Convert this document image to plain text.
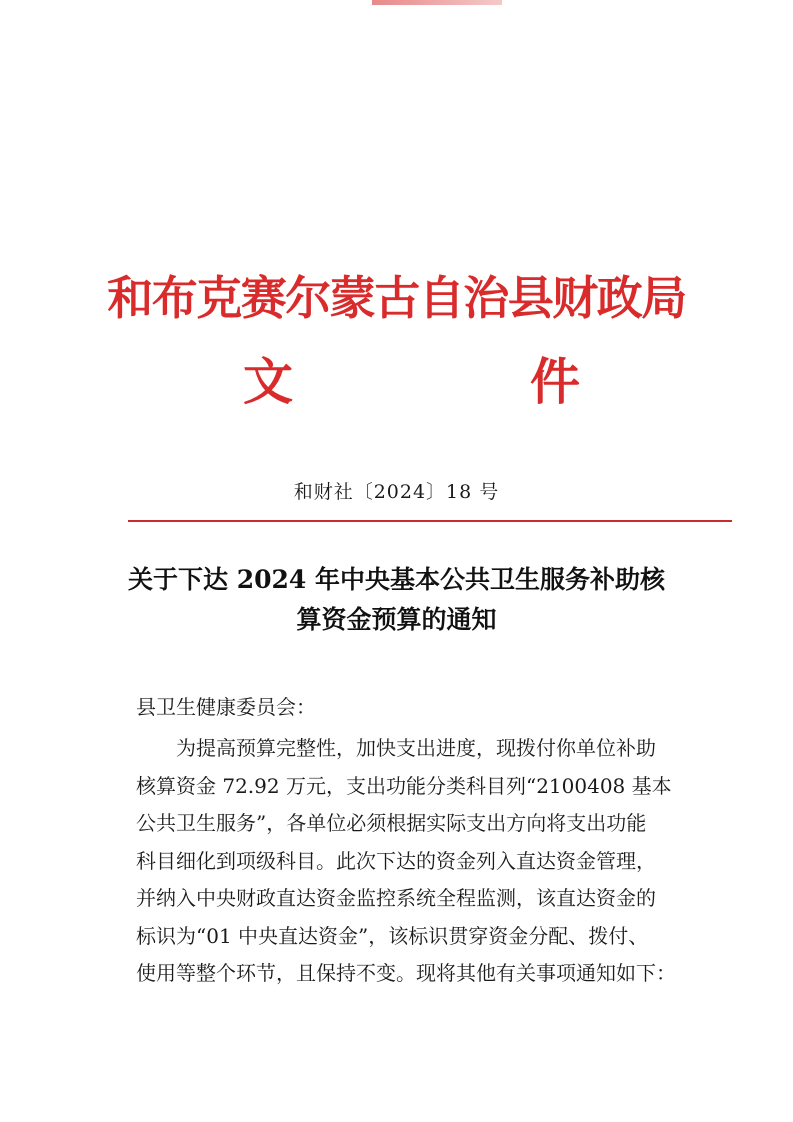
和布克赛尔蒙古自治县财政局
文	件
和财社〔2024〕18 号
关于下达 2024 年中央基本公共卫生服务补助核
算资金预算的通知
县卫生健康委员会：
为提高预算完整性，加快支出进度，现拨付你单位补助
核算资金 72.92 万元，支出功能分类科目列“2100408 基本
公共卫生服务”，各单位必须根据实际支出方向将支出功能
科目细化到项级科目。此次下达的资金列入直达资金管理，
并纳入中央财政直达资金监控系统全程监测，该直达资金的
标识为“01 中央直达资金”，该标识贯穿资金分配、拨付、
使用等整个环节，且保持不变。现将其他有关事项通知如下：
